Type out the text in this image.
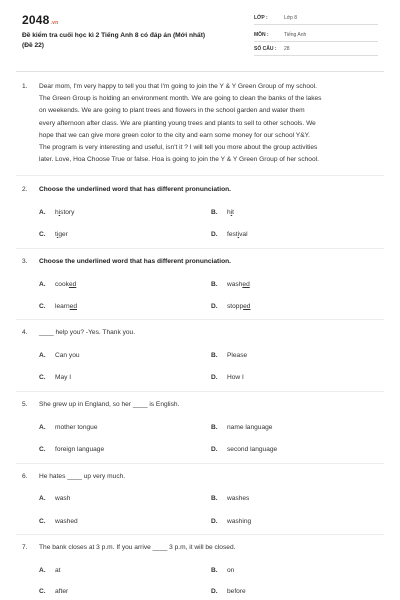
2048.vn
Đề kiểm tra cuối học kì 2 Tiếng Anh 8 có đáp án (Mới nhất)
(Đề 22)
LỚP :	Lớp 8
MÔN :	Tiếng Anh
SỐ CÂU : 28
1. Dear mom, I'm very happy to tell you that I'm going to join the Y & Y Green Group of my school.
The Green Group is holding an environment month. We are going to clean the banks of the lakes
on weekends. We are going to plant trees and flowers in the school garden and water them
every afternoon after class. We are planting young trees and plants to sell to other schools. We
hope that we can give more green color to the city and earn some money for our school Y&Y.
The program is very interesting and useful, isn't it ? I will tell you more about the group activities
later. Love, Hoa Choose True or false. Hoa is going to join the Y & Y Green Group of her school.
2. Choose the underlined word that has different pronunciation.
A. history	B. hit
C. tiger	D. festival
3. Choose the underlined word that has different pronunciation.
A. cooked	B. washed
C. learned	D. stopped
4. ____ help you? -Yes. Thank you.
A. Can you	B. Please
C. May I	D. How I
5. She grew up in England, so her ____ is English.
A. mother tongue	B. name language
C. foreign language	D. second language
6. He hates ____ up very much.
A. wash	B. washes
C. washed	D. washing
7. The bank closes at 3 p.m. If you arrive ____ 3 p.m, it will be closed.
A. at	B. on
C. after	D. before
